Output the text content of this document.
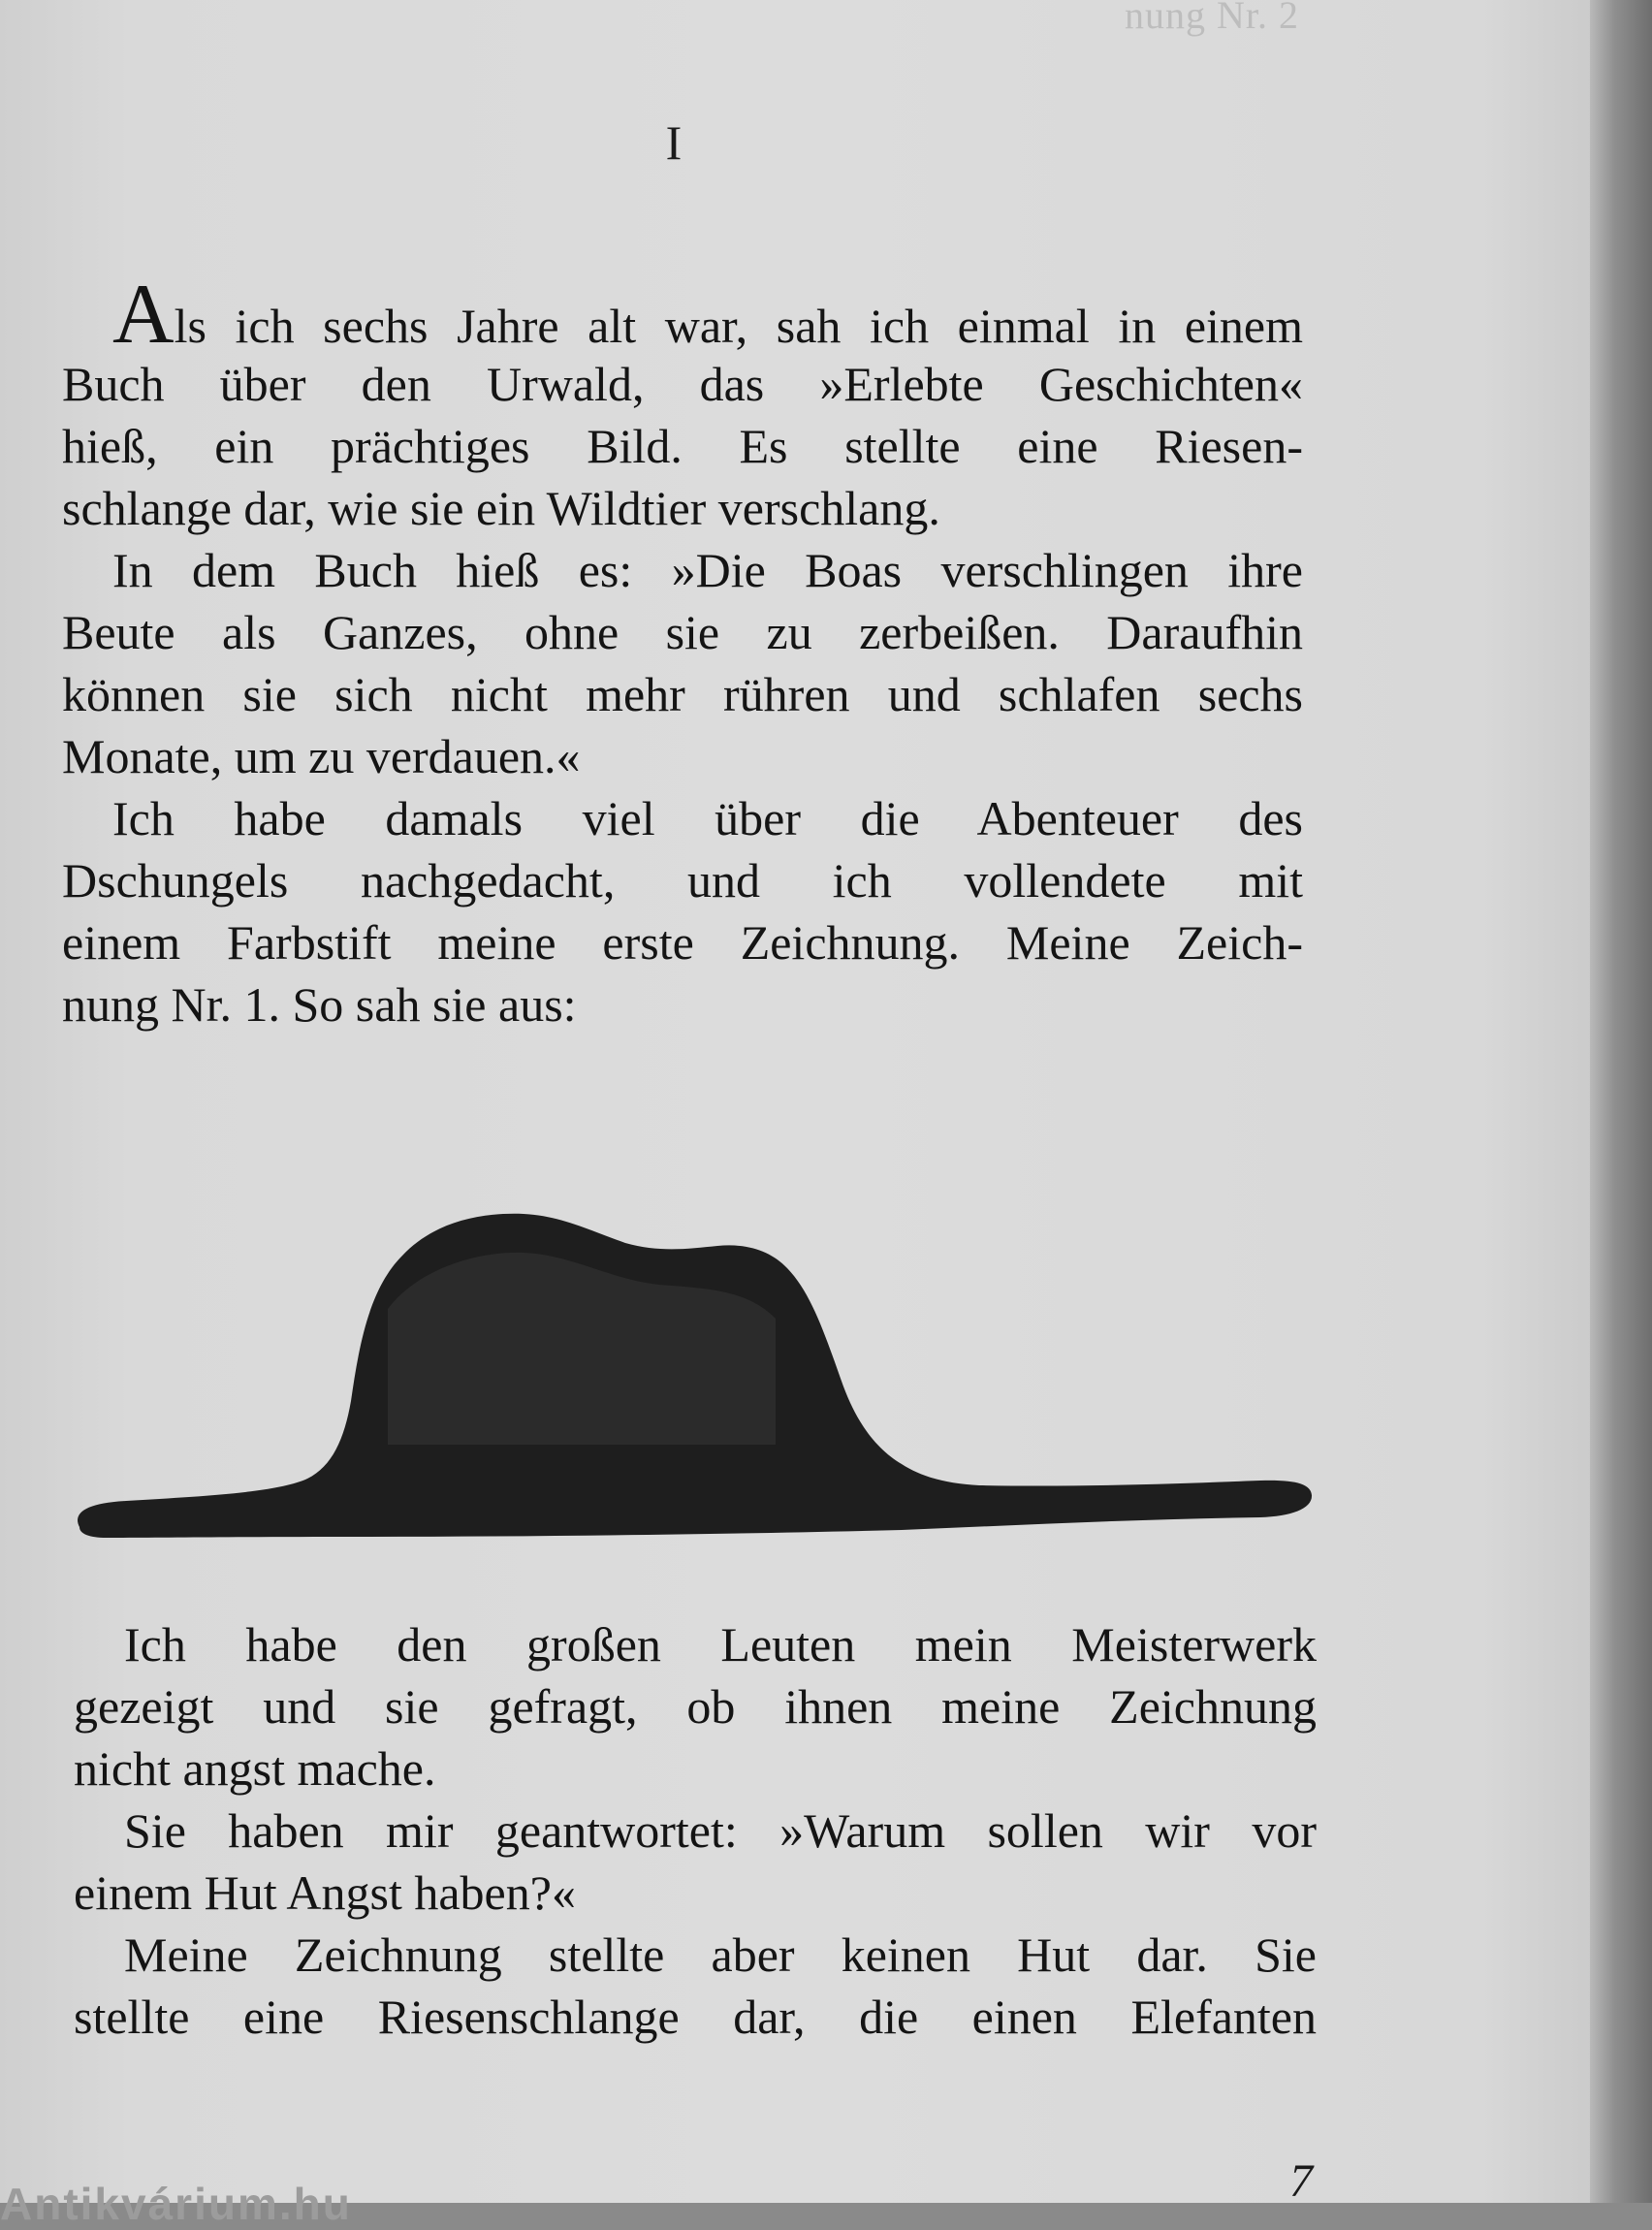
nung Nr. 2
I
Als ich sechs Jahre alt war, sah ich einmal in einem
Buch über den Urwald, das »Erlebte Geschichten«
hieß, ein prächtiges Bild. Es stellte eine Riesen-
schlange dar, wie sie ein Wildtier verschlang.
In dem Buch hieß es: »Die Boas verschlingen ihre
Beute als Ganzes, ohne sie zu zerbeißen. Daraufhin
können sie sich nicht mehr rühren und schlafen sechs
Monate, um zu verdauen.«
Ich habe damals viel über die Abenteuer des
Dschungels nachgedacht, und ich vollendete mit
einem Farbstift meine erste Zeichnung. Meine Zeich-
nung Nr. 1. So sah sie aus:
Ich habe den großen Leuten mein Meisterwerk
gezeigt und sie gefragt, ob ihnen meine Zeichnung
nicht angst mache.
Sie haben mir geantwortet: »Warum sollen wir vor
einem Hut Angst haben?«
Meine Zeichnung stellte aber keinen Hut dar. Sie
stellte eine Riesenschlange dar, die einen Elefanten
7
Antikvárium.hu
